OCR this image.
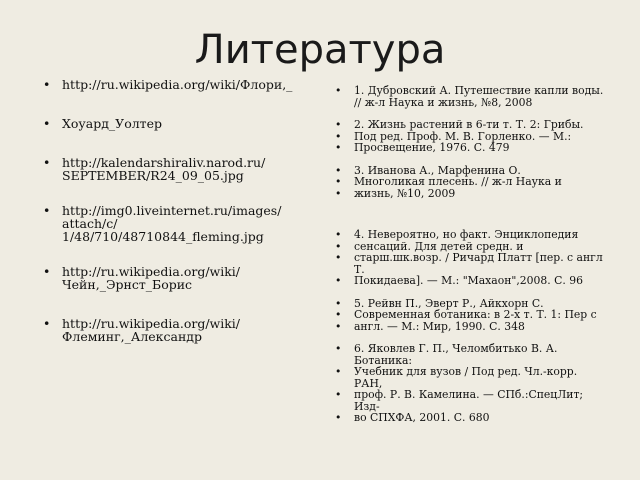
Литература
• http://ru.wikipedia.org/wiki/Флори,_
• Хоуард_Уолтер
• http://kalendarshiraliv.narod.ru/ SEPTEMBER/R24_09_05.jpg
• http://img0.liveinternet.ru/images/ attach/c/ 1/48/710/48710844_fleming.jpg
• http://ru.wikipedia.org/wiki/ Чейн,_Эрнст_Борис
• http://ru.wikipedia.org/wiki/ Флеминг,_Александр
• 1. Дубровский А. Путешествие капли воды. // ж-л Наука и жизнь, №8, 2008
• 2. Жизнь растений в 6-ти т. Т. 2: Грибы.
• Под ред. Проф. М. В. Горленко. — М.:
• Просвещение, 1976. С. 479
• 3. Иванова А., Марфенина О.
• Многоликая плесень. // ж-л Наука и
• жизнь, №10, 2009
• 4. Невероятно, но факт. Энциклопедия
• сенсаций. Для детей средн. и
• старш.шк.возр. / Ричард Платт [пер. с англ Т.
• Покидаева]. — М.: "Махаон",2008. С. 96
• 5. Рейвн П., Эверт Р., Айкхорн С.
• Современная ботаника: в 2-х т. Т. 1: Пер с
• англ. — М.: Мир, 1990. С. 348
• 6. Яковлев Г. П., Челомбитько В. А. Ботаника:
• Учебник для вузов / Под ред. Чл.-корр. РАН,
• проф. Р. В. Камелина. — СПб.:СпецЛит; Изд-
• во СПХФА, 2001. С. 680
